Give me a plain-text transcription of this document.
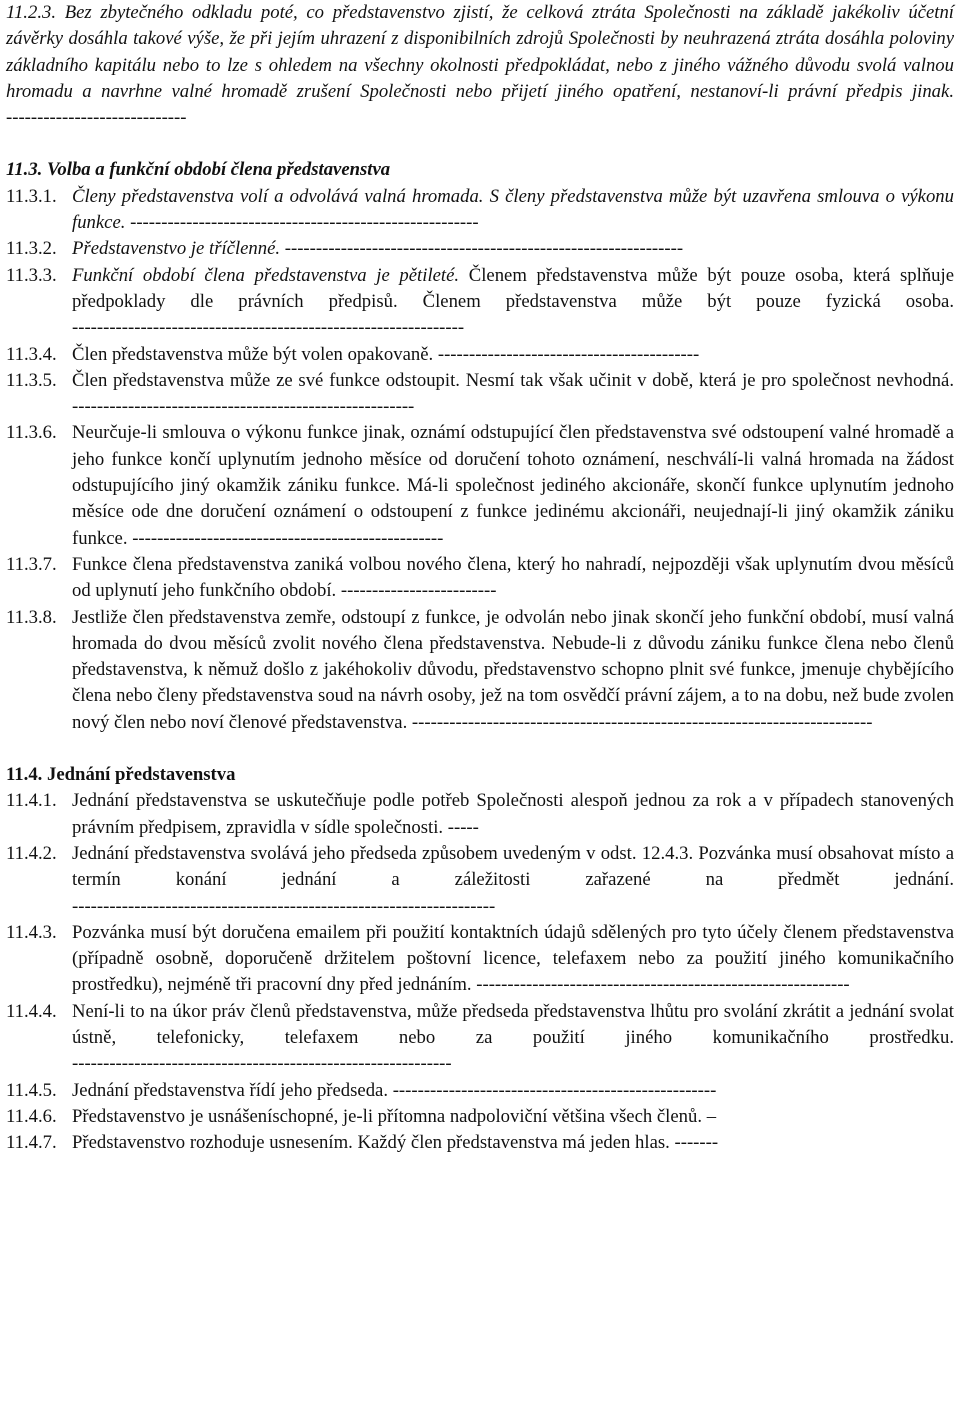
11.2.3. Bez zbytečného odkladu poté, co představenstvo zjistí, že celková ztráta Společnosti na základě jakékoliv účetní závěrky dosáhla takové výše, že při jejím uhrazení z disponibilních zdrojů Společnosti by neuhrazená ztráta dosáhla poloviny základního kapitálu nebo to lze s ohledem na všechny okolnosti předpokládat, nebo z jiného vážného důvodu svolá valnou hromadu a navrhne valné hromadě zrušení Společnosti nebo přijetí jiného opatření, nestanoví-li právní předpis jinak. -----------------------------
11.3. Volba a funkční období člena představenstva
11.3.1. Členy představenstva volí a odvolává valná hromada. S členy představenstva může být uzavřena smlouva o výkonu funkce. --------------------------------------------------------
11.3.2. Představenstvo je tříčlenné. ----------------------------------------------------------------
11.3.3. Funkční období člena představenstva je pětileté. Členem představenstva může být pouze osoba, která splňuje předpoklady dle právních předpisů. Členem představenstva může být pouze fyzická osoba. ---------------------------------------------------------------
11.3.4. Člen představenstva může být volen opakovaně. ------------------------------------------
11.3.5. Člen představenstva může ze své funkce odstoupit. Nesmí tak však učinit v době, která je pro společnost nevhodná. -------------------------------------------------------
11.3.6. Neurčuje-li smlouva o výkonu funkce jinak, oznámí odstupující člen představenstva své odstoupení valné hromadě a jeho funkce končí uplynutím jednoho měsíce od doručení tohoto oznámení, neschválí-li valná hromada na žádost odstupujícího jiný okamžik zániku funkce. Má-li společnost jediného akcionáře, skončí funkce uplynutím jednoho měsíce ode dne doručení oznámení o odstoupení z funkce jedinému akcionáři, neujednají-li jiný okamžik zániku funkce. --------------------------------------------------
11.3.7. Funkce člena představenstva zaniká volbou nového člena, který ho nahradí, nejpozději však uplynutím dvou měsíců od uplynutí jeho funkčního období. -------------------------
11.3.8. Jestliže člen představenstva zemře, odstoupí z funkce, je odvolán nebo jinak skončí jeho funkční období, musí valná hromada do dvou měsíců zvolit nového člena představenstva. Nebude-li z důvodu zániku funkce člena nebo členů představenstva, k němuž došlo z jakéhokoliv důvodu, představenstvo schopno plnit své funkce, jmenuje chybějícího člena nebo členy představenstva soud na návrh osoby, jež na tom osvědčí právní zájem, a to na dobu, než bude zvolen nový člen nebo noví členové představenstva. --------------------------------------------------------------------------
11.4. Jednání představenstva
11.4.1. Jednání představenstva se uskutečňuje podle potřeb Společnosti alespoň jednou za rok a v případech stanovených právním předpisem, zpravidla v sídle společnosti. -----
11.4.2. Jednání představenstva svolává jeho předseda způsobem uvedeným v odst. 12.4.3. Pozvánka musí obsahovat místo a termín konání jednání a záležitosti zařazené na předmět jednání. --------------------------------------------------------------------
11.4.3. Pozvánka musí být doručena emailem při použití kontaktních údajů sdělených pro tyto účely členem představenstva (případně osobně, doporučeně držitelem poštovní licence, telefaxem nebo za použití jiného komunikačního prostředku), nejméně tři pracovní dny před jednáním. ------------------------------------------------------------
11.4.4. Není-li to na úkor práv členů představenstva, může předseda představenstva lhůtu pro svolání zkrátit a jednání svolat ústně, telefonicky, telefaxem nebo za použití jiného komunikačního prostředku. -------------------------------------------------------------
11.4.5. Jednání představenstva řídí jeho předseda. ----------------------------------------------------
11.4.6. Představenstvo je usnášeníschopné, je-li přítomna nadpoloviční většina všech členů. –
11.4.7. Představenstvo rozhoduje usnesením. Každý člen představenstva má jeden hlas. -------
